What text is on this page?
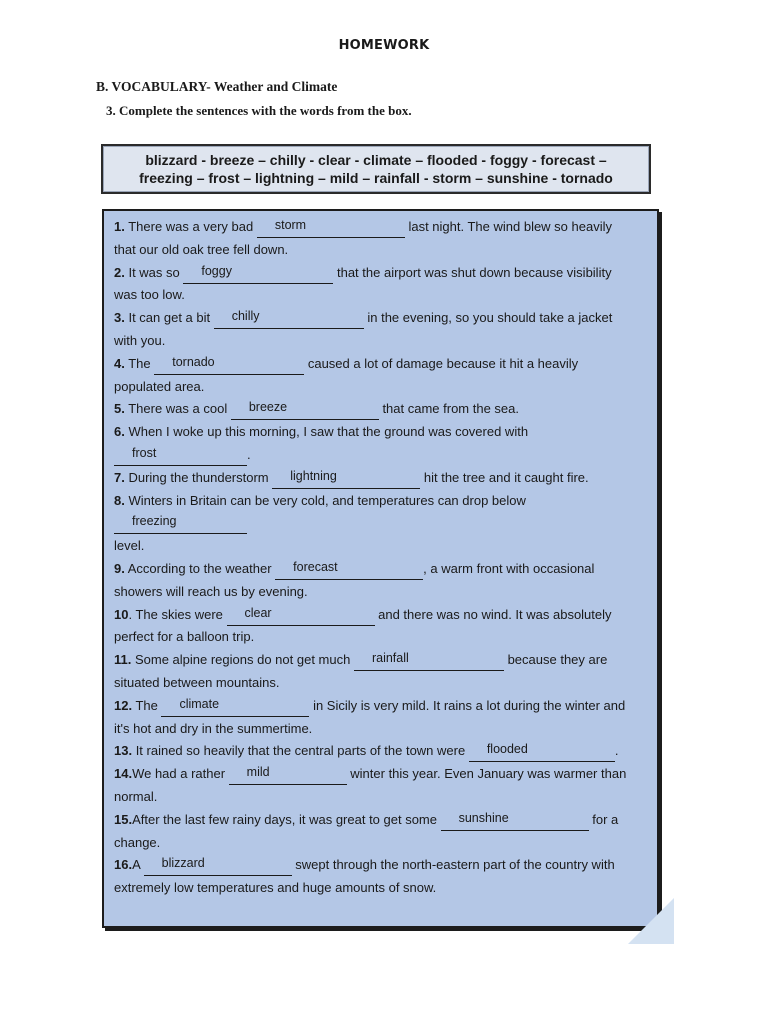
HOMEWORK
B. VOCABULARY- Weather and Climate
3. Complete the sentences with the words from the box.
blizzard - breeze – chilly - clear - climate – flooded - foggy - forecast –
freezing – frost – lightning – mild – rainfall - storm – sunshine - tornado
1. There was a very bad storm	last night. The wind blew so heavily
that our old oak tree fell down.
2. It was so foggy	that the airport was shut down because visibility
was too low.
3. It can get a bit chilly	in the evening, so you should take a jacket
with you.
4. The tornado	caused a lot of damage because it hit a heavily
populated area.
5. There was a cool breeze	that came from the sea.
6. When I woke up this morning, I saw that the ground was covered with
frost	.
7. During the thunderstorm lightning	hit the tree and it caught fire.
8. Winters in Britain can be very cold, and temperatures can drop below
freezing
level.
9. According to the weather forecast	, a warm front with occasional
showers will reach us by evening.
10. The skies were clear	and there was no wind. It was absolutely
perfect for a balloon trip.
11. Some alpine regions do not get much rainfall	because they are
situated between mountains.
12. The climate	in Sicily is very mild. It rains a lot during the winter and
it's hot and dry in the summertime.
13. It rained so heavily that the central parts of the town were flooded	.
14.We had a rather mild	winter this year. Even January was warmer than
normal.
15.After the last few rainy days, it was great to get some sunshine	for a
change.
16.A blizzard	swept through the north-eastern part of the country with
extremely low temperatures and huge amounts of snow.
